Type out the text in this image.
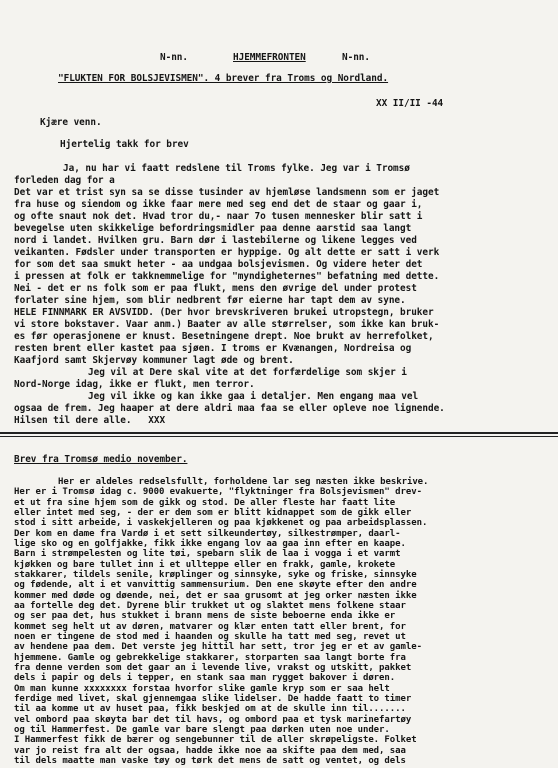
N-nn.	HJEMMEFRONTEN	N-nn.
"FLUKTEN FOR BOLSJEVISMEN". 4 brever fra Troms og Nordland.
XX II/II -44
Kjære venn.
Hjertelig takk for brev
Ja, nu har vi faatt redslene til Troms fylke. Jeg var i Tromsø
forleden dag for a
Det var et trist syn sa se disse tusinder av hjemløse landsmenn som er jaget
fra huse og siendom og ikke faar mere med seg end det de staar og gaar i,
og ofte snaut nok det. Hvad tror du,- naar 7o tusen mennesker blir satt i
bevegelse uten skikkelige befordringsmidler paa denne aarstid saa langt
nord i landet. Hvilken gru. Barn dør i lastebilerne og likene legges ved
veikanten. Fødsler under transporten er hyppige. Og alt dette er satt i verk
for som det saa smukt heter - aa undgaa bolsjevismen. Og videre heter det
i pressen at folk er takknemmelige for "myndigheternes" befatning med dette.
Nei - det er ns folk som er paa flukt, mens den øvrige del under protest
forlater sine hjem, som blir nedbrent før eierne har tapt dem av syne.
HELE FINNMARK ER AVSVIDD. (Der hvor brevskriveren brukei utropstegn, bruker
vi store bokstaver. Vaar anm.) Baater av alle størrelser, som ikke kan bruk-
es før operasjonene er knust. Besetningene drept. Noe brukt av herrefolket,
resten brent eller kastet paa sjøen. I troms er Kvænangen, Nordreisa og
Kaafjord samt Skjervøy kommuner lagt øde og brent.
Jeg vil at Dere skal vite at det forfærdelige som skjer i
Nord-Norge idag, ikke er flukt, men terror.
Jeg vil ikke og kan ikke gaa i detaljer. Men engang maa vel
ogsaa de frem. Jeg haaper at dere aldri maa faa se eller opleve noe lignende.
Hilsen til dere alle.   XXX
Brev fra Tromsø medio november.
Her er aldeles redselsfullt, forholdene lar seg næsten ikke beskrive.
Her er i Tromsø idag c. 9000 evakuerte, "flyktninger fra Bolsjevismen" drev-
et ut fra sine hjem som de gikk og stod. De aller fleste har faatt lite
eller intet med seg, - der er dem som er blitt kidnappet som de gikk eller
stod i sitt arbeide, i vaskekjelleren og paa kjøkkenet og paa arbeidsplassen.
Der kom en dame fra Vardø i et sett silkeundertøy, silkestrømper, daarl-
lige sko og en golfjakke, fikk ikke engang lov aa gaa inn efter en kaape.
Barn i strømpelesten og lite tøi, spebarn slik de laa i vogga i et varmt
kjøkken og bare tullet inn i et ullteppe eller en frakk, gamle, krokete
stakkarer, tildels senile, krøplinger og sinnsyke, syke og friske, sinnsyke
og fødende, alt i et vanvittig sammensurium. Den ene skøyte efter den andre
kommer med døde og døende, nei, det er saa grusomt at jeg orker næsten ikke
aa fortelle deg det. Dyrene blir trukket ut og slaktet mens folkene staar
og ser paa det, hus stukket i brann mens de siste beboerne enda ikke er
kommet seg helt ut av døren, matvarer og klær enten tatt eller brent, for
noen er tingene de stod med i haanden og skulle ha tatt med seg, revet ut
av hendene paa dem. Det verste jeg hittil har sett, tror jeg er et av gamle-
hjemmene. Gamle og gebrekkelige stakkarer, storparten saa langt borte fra
fra denne verden som det gaar an i levende live, vrakst og utskitt, pakket
dels i papir og dels i tepper, en stank saa man rygget bakover i døren.
Om man kunne xxxxxxxx forstaa hvorfor slike gamle kryp som er saa helt
ferdige med livet, skal gjennemgaa slike lidelser. De hadde faatt to timer
til aa komme ut av huset paa, fikk beskjed om at de skulle inn til.......
vel ombord paa skøyta bar det til havs, og ombord paa et tysk marinefartøy
og til Hammerfest. De gamle var bare slengt paa dørken uten noe under.
I Hammerfest fikk de bærer og sengebunner til de aller skrøpeligste. Folket
var jo reist fra alt der ogsaa, hadde ikke noe aa skifte paa dem med, saa
til dels maatte man vaske tøy og tørk det mens de satt og ventet, og dels
